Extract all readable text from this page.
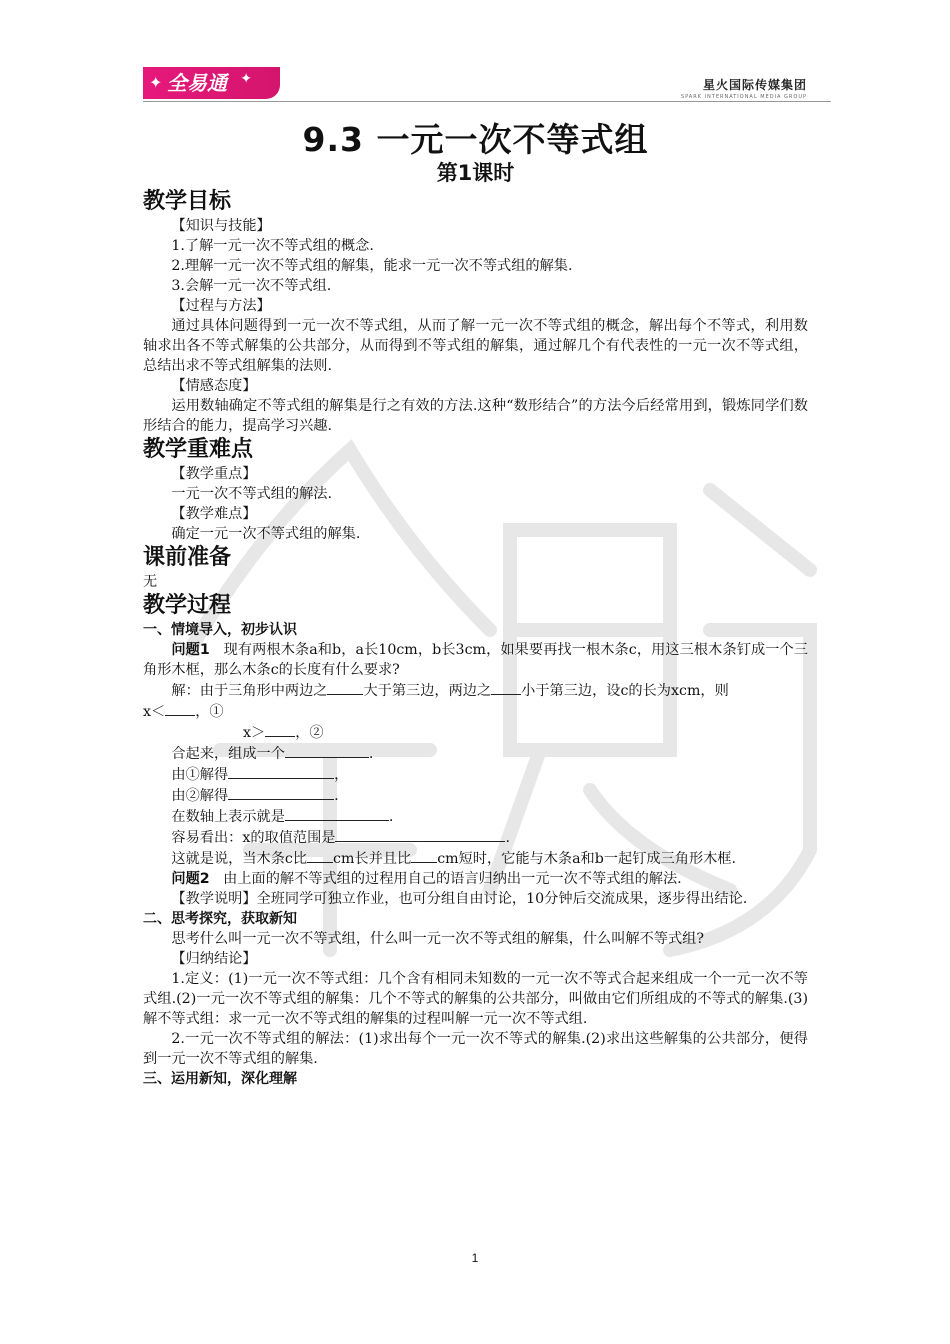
✦ 全易通 ✦	星火国际传媒集团
SPARK INTERNATIONAL MEDIA GROUP
9.3 一元一次不等式组
第1课时
教学目标

【知识与技能】

1.了解一元一次不等式组的概念.

2.理解一元一次不等式组的解集，能求一元一次不等式组的解集.

3.会解一元一次不等式组.

【过程与方法】

通过具体问题得到一元一次不等式组，从而了解一元一次不等式组的概念，解出每个不等式，利用数轴求出各不等式解集的公共部分，从而得到不等式组的解集，通过解几个有代表性的一元一次不等式组，总结出求不等式组解集的法则.

【情感态度】

运用数轴确定不等式组的解集是行之有效的方法.这种“数形结合”的方法今后经常用到，锻炼同学们数形结合的能力，提高学习兴趣.

教学重难点

【教学重点】

一元一次不等式组的解法.

【教学难点】

确定一元一次不等式组的解集.

课前准备

无

教学过程
一、情境导入，初步认识

问题1 现有两根木条a和b，a长10cm，b长3cm，如果要再找一根木条c，用这三根木条钉成一个三角形木框，那么木条c的长度有什么要求?

解：由于三角形中两边之	大于第三边，两边之 小于第三边，设c的长为xcm，则

x＜ ，①

x＞ ，②

合起来，组成一个	.

由①解得	，

由②解得	.

在数轴上表示就是	.

容易看出：x的取值范围是	.

这就是说，当木条c比 cm长并且比 cm短时，它能与木条a和b一起钉成三角形木框.

问题2 由上面的解不等式组的过程用自己的语言归纳出一元一次不等式组的解法.

【教学说明】全班同学可独立作业，也可分组自由讨论，10分钟后交流成果，逐步得出结论.

二、思考探究，获取新知

思考什么叫一元一次不等式组，什么叫一元一次不等式组的解集，什么叫解不等式组?

【归纳结论】

1.定义：(1)一元一次不等式组：几个含有相同未知数的一元一次不等式合起来组成一个一元一次不等式组.(2)一元一次不等式组的解集：几个不等式的解集的公共部分，叫做由它们所组成的不等式的解集.(3)解不等式组：求一元一次不等式组的解集的过程叫解一元一次不等式组.

2.一元一次不等式组的解法：(1)求出每个一元一次不等式的解集.(2)求出这些解集的公共部分，便得到一元一次不等式组的解集.

三、运用新知，深化理解
1
